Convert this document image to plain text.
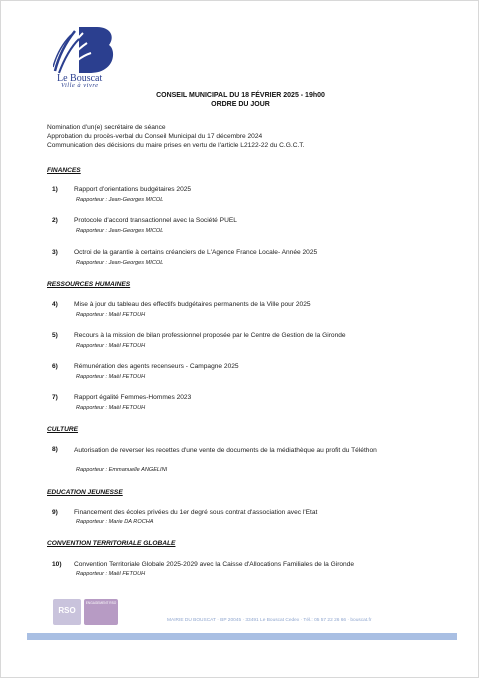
Le Bouscat
Ville à vivre
CONSEIL MUNICIPAL DU 18 FÉVRIER 2025 - 19h00
ORDRE DU JOUR
Nomination d'un(e) secrétaire de séance
Approbation du procès-verbal du Conseil Municipal du 17 décembre 2024
Communication des décisions du maire prises en vertu de l'article L2122-22 du C.G.C.T.
FINANCES
1) Rapport d'orientations budgétaires 2025
Rapporteur : Jean-Georges MICOL
2) Protocole d'accord transactionnel avec la Société PUEL
Rapporteur : Jean-Georges MICOL
3) Octroi de la garantie à certains créanciers de L'Agence France Locale- Année 2025
Rapporteur : Jean-Georges MICOL
RESSOURCES HUMAINES
4) Mise à jour du tableau des effectifs budgétaires permanents de la Ville pour 2025
Rapporteur : Maël FETOUH
5) Recours à la mission de bilan professionnel proposée par le Centre de Gestion de la Gironde
Rapporteur : Maël FETOUH
6) Rémunération des agents recenseurs - Campagne 2025
Rapporteur : Maël FETOUH
7) Rapport égalité Femmes-Hommes 2023
Rapporteur : Maël FETOUH
CULTURE
8) Autorisation de reverser les recettes d'une vente de documents de la médiathèque au profit du Téléthon
Rapporteur : Emmanuelle ANGELINI
EDUCATION JEUNESSE
9) Financement des écoles privées du 1er degré sous contrat d'association avec l'Etat
Rapporteur : Marie DA ROCHA
CONVENTION TERRITORIALE GLOBALE
10) Convention Territoriale Globale 2025-2029 avec la Caisse d'Allocations Familiales de la Gironde
Rapporteur : Maël FETOUH
RSO
ENGAGEMENT RSO
MAIRIE DU BOUSCAT · BP 20045 · 33491 Le Bouscat Cedex · Tél.: 05 57 22 26 66 · bouscat.fr
